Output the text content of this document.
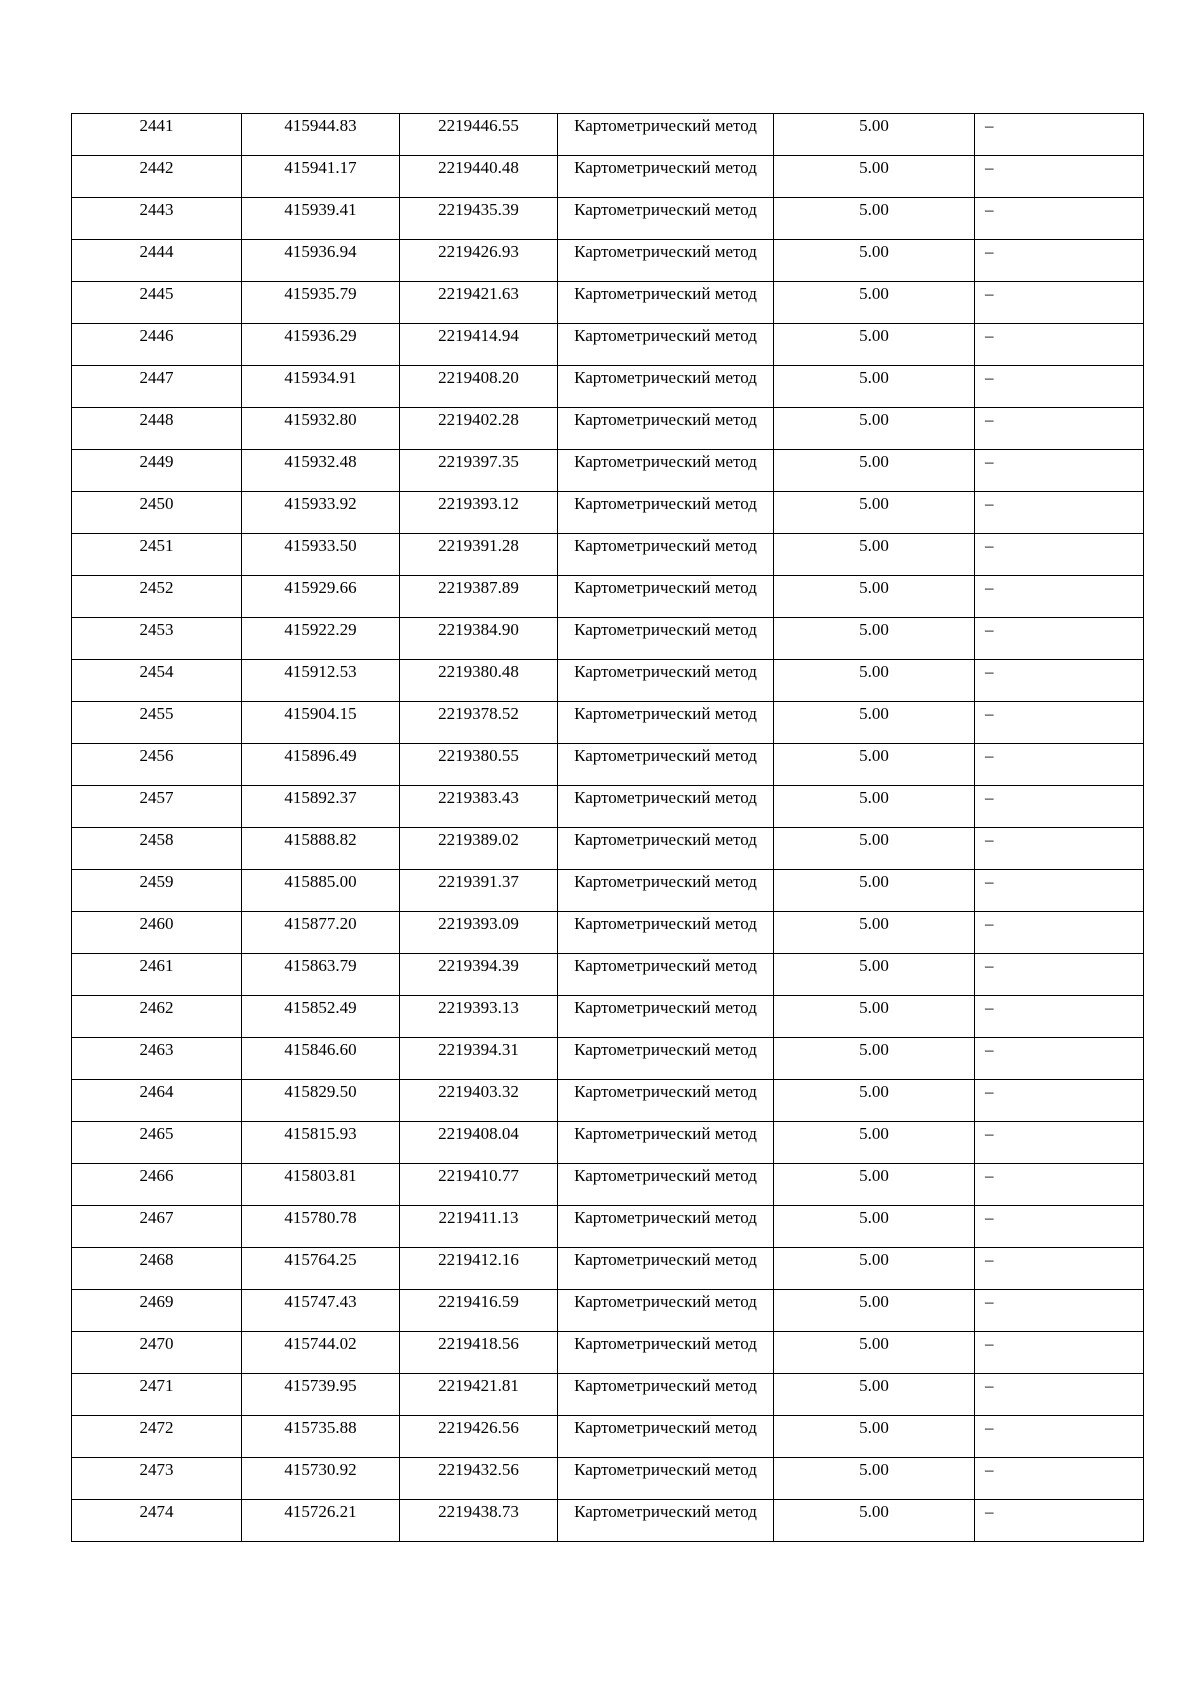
2441	415944.83	2219446.55	Картометрический метод	5.00	–
2442	415941.17	2219440.48	Картометрический метод	5.00	–
2443	415939.41	2219435.39	Картометрический метод	5.00	–
2444	415936.94	2219426.93	Картометрический метод	5.00	–
2445	415935.79	2219421.63	Картометрический метод	5.00	–
2446	415936.29	2219414.94	Картометрический метод	5.00	–
2447	415934.91	2219408.20	Картометрический метод	5.00	–
2448	415932.80	2219402.28	Картометрический метод	5.00	–
2449	415932.48	2219397.35	Картометрический метод	5.00	–
2450	415933.92	2219393.12	Картометрический метод	5.00	–
2451	415933.50	2219391.28	Картометрический метод	5.00	–
2452	415929.66	2219387.89	Картометрический метод	5.00	–
2453	415922.29	2219384.90	Картометрический метод	5.00	–
2454	415912.53	2219380.48	Картометрический метод	5.00	–
2455	415904.15	2219378.52	Картометрический метод	5.00	–
2456	415896.49	2219380.55	Картометрический метод	5.00	–
2457	415892.37	2219383.43	Картометрический метод	5.00	–
2458	415888.82	2219389.02	Картометрический метод	5.00	–
2459	415885.00	2219391.37	Картометрический метод	5.00	–
2460	415877.20	2219393.09	Картометрический метод	5.00	–
2461	415863.79	2219394.39	Картометрический метод	5.00	–
2462	415852.49	2219393.13	Картометрический метод	5.00	–
2463	415846.60	2219394.31	Картометрический метод	5.00	–
2464	415829.50	2219403.32	Картометрический метод	5.00	–
2465	415815.93	2219408.04	Картометрический метод	5.00	–
2466	415803.81	2219410.77	Картометрический метод	5.00	–
2467	415780.78	2219411.13	Картометрический метод	5.00	–
2468	415764.25	2219412.16	Картометрический метод	5.00	–
2469	415747.43	2219416.59	Картометрический метод	5.00	–
2470	415744.02	2219418.56	Картометрический метод	5.00	–
2471	415739.95	2219421.81	Картометрический метод	5.00	–
2472	415735.88	2219426.56	Картометрический метод	5.00	–
2473	415730.92	2219432.56	Картометрический метод	5.00	–
2474	415726.21	2219438.73	Картометрический метод	5.00	–
